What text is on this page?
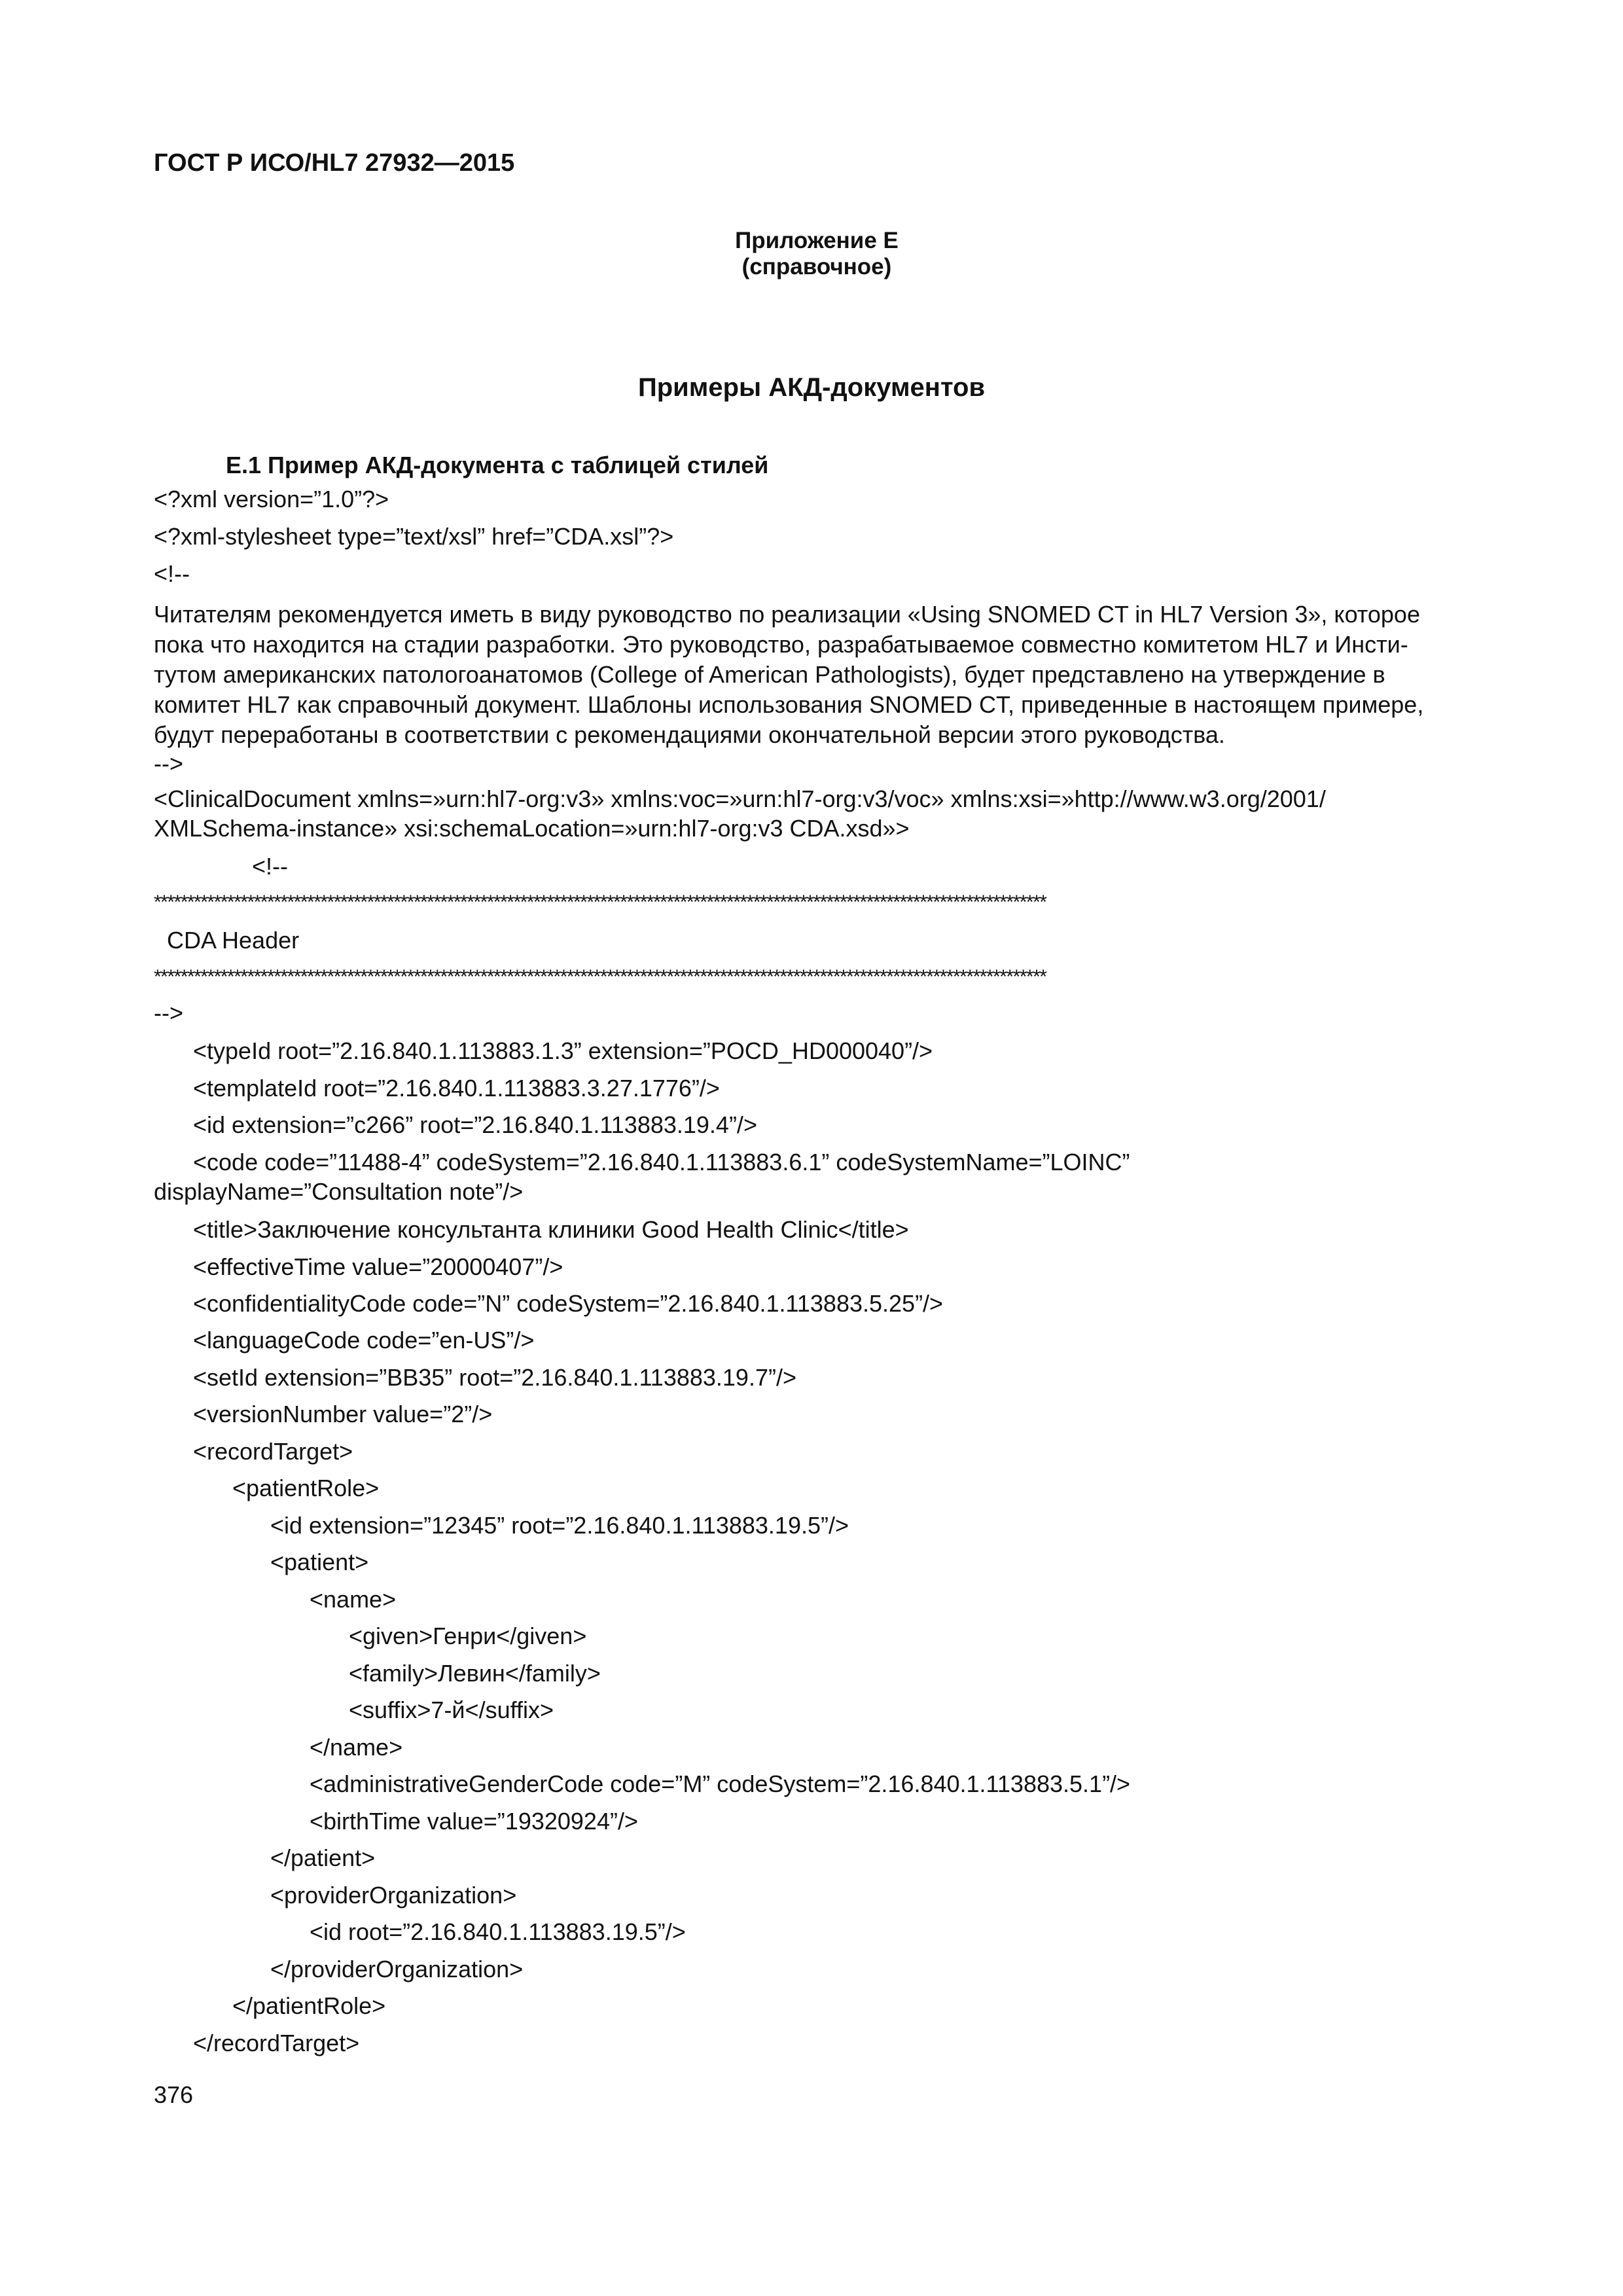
ГОСТ Р ИСО/HL7 27932—2015
Приложение Е
(справочное)
Примеры АКД-документов
Е.1 Пример АКД-документа с таблицей стилей
<?xml version=”1.0”?>
<?xml-stylesheet type=”text/xsl” href=”CDA.xsl”?>
<!--

Читателям рекомендуется иметь в виду руководство по реализации «Using SNOMED CT in HL7 Version 3», которое

пока что находится на стадии разработки. Это руководство, разрабатываемое совместно комитетом HL7 и Инсти-

тутом американских патологоанатомов (College of American Pathologists), будет представлено на утверждение в

комитет HL7 как справочный документ. Шаблоны использования SNOMED CT, приведенные в настоящем примере,

будут переработаны в соответствии с рекомендациями окончательной версии этого руководства.

-->
<ClinicalDocument xmlns=»urn:hl7-org:v3» xmlns:voc=»urn:hl7-org:v3/voc» xmlns:xsi=»http://www.w3.org/2001/
XMLSchema-instance» xsi:schemaLocation=»urn:hl7-org:v3 CDA.xsd»>
<!--
**************************************************************************************************************************************
CDA Header
**************************************************************************************************************************************
-->
<typeId root=”2.16.840.1.113883.1.3” extension=”POCD_HD000040”/>
<templateId root=”2.16.840.1.113883.3.27.1776”/>
<id extension=”c266” root=”2.16.840.1.113883.19.4”/>
<code code=”11488-4” codeSystem=”2.16.840.1.113883.6.1” codeSystemName=”LOINC”
displayName=”Consultation note”/>
<title>Заключение консультанта клиники Good Health Clinic</title>
<effectiveTime value=”20000407”/>
<confidentialityCode code=”N” codeSystem=”2.16.840.1.113883.5.25”/>
<languageCode code=”en-US”/>
<setId extension=”BB35” root=”2.16.840.1.113883.19.7”/>
<versionNumber value=”2”/>
<recordTarget>
<patientRole>
<id extension=”12345” root=”2.16.840.1.113883.19.5”/>
<patient>
<name>
<given>Генри</given>
<family>Левин</family>
<suffix>7-й</suffix>
</name>
<administrativeGenderCode code=”M” codeSystem=”2.16.840.1.113883.5.1”/>
<birthTime value=”19320924”/>
</patient>
<providerOrganization>
<id root=”2.16.840.1.113883.19.5”/>
</providerOrganization>
</patientRole>
</recordTarget>
376
